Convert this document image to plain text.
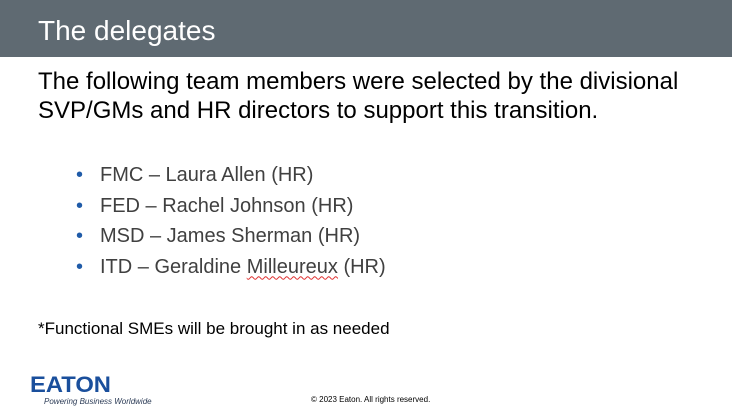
The delegates
The following team members were selected by the divisional SVP/GMs and HR directors to support this transition.
• FMC – Laura Allen (HR)
• FED – Rachel Johnson (HR)
• MSD – James Sherman (HR)
• ITD – Geraldine Milleureux (HR)
*Functional SMEs will be brought in as needed
EATON
Powering Business Worldwide	© 2023 Eaton. All rights reserved.
